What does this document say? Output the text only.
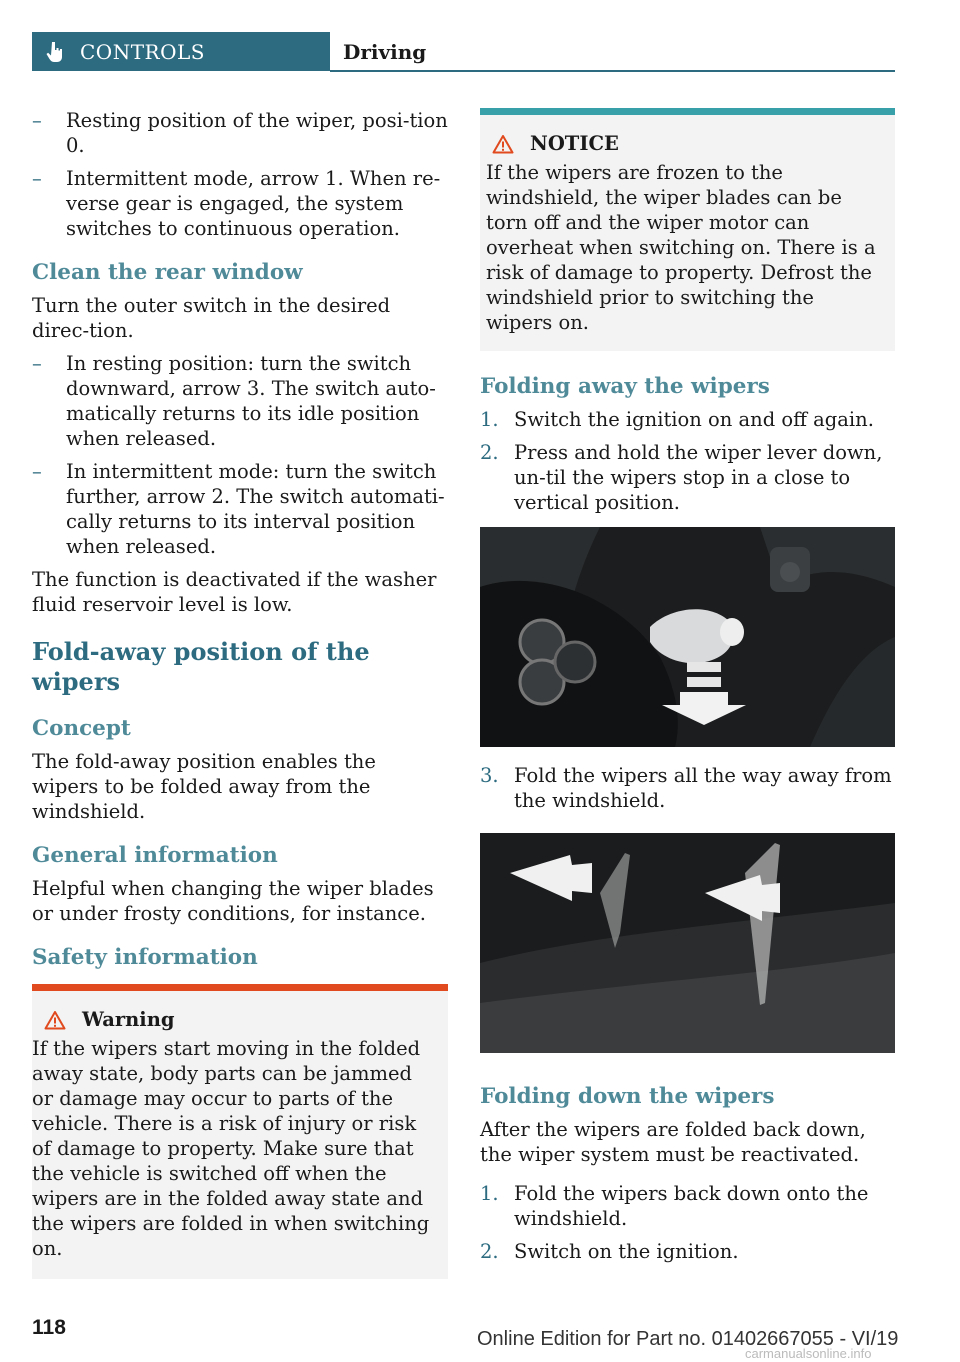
CONTROLS	Driving
– Resting position of the wiper, posi-tion 0.
– Intermittent mode, arrow 1. When re-verse gear is engaged, the system switches to continuous operation.
Clean the rear window

Turn the outer switch in the desired direc-tion.

– In resting position: turn the switch downward, arrow 3. The switch auto-matically returns to its idle position when released.
– In intermittent mode: turn the switch further, arrow 2. The switch automati-cally returns to its interval position when released.

The function is deactivated if the washer fluid reservoir level is low.

Fold-away position of the wipers
Concept

The fold-away position enables the wipers to be folded away from the windshield.

General information

Helpful when changing the wiper blades or under frosty conditions, for instance.

Safety information
Warning
If the wipers start moving in the folded away state, body parts can be jammed or damage may occur to parts of the vehicle. There is a risk of injury or risk of damage to property. Make sure that the vehicle is switched off when the wipers are in the folded away state and the wipers are folded in when switching on.
NOTICE
If the wipers are frozen to the windshield, the wiper blades can be torn off and the wiper motor can overheat when switching on. There is a risk of damage to property. Defrost the windshield prior to switching the wipers on.
Folding away the wipers
1. Switch the ignition on and off again.
2. Press and hold the wiper lever down, un-til the wipers stop in a close to vertical position.
3. Fold the wipers all the way away from the windshield.
Folding down the wipers

After the wipers are folded back down, the wiper system must be reactivated.

1. Fold the wipers back down onto the windshield.
2. Switch on the ignition.
118	Online Edition for Part no. 01402667055 - VI/19
carmanualsonline.info
